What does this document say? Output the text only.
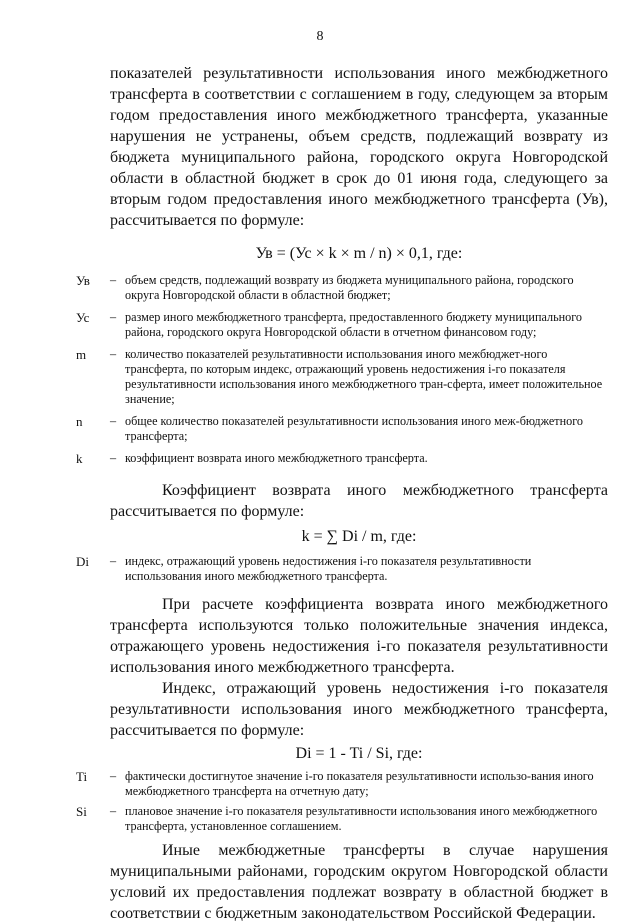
8

показателей результативности использования иного межбюджетного трансферта в соответствии с соглашением в году, следующем за вторым годом предоставления иного межбюджетного трансферта, указанные нарушения не устранены, объем средств, подлежащий возврату из бюджета муниципального района, городского округа Новгородской области в областной бюджет в срок до 01 июня года, следующего за вторым годом предоставления иного межбюджетного трансферта (Ув), рассчитывается по формуле:

Ув = (Ус × k × m / n) × 0,1, где:

Ув	– объем средств, подлежащий возврату из бюджета муниципального района, городского округа Новгородской области в областной бюджет;
Ус	– размер иного межбюджетного трансферта, предоставленного бюджету муниципального района, городского округа Новгородской области в отчетном финансовом году;
m	– количество показателей результативности использования иного межбюджет-ного трансферта, по которым индекс, отражающий уровень недостижения i-го показателя результативности использования иного межбюджетного тран-сферта, имеет положительное значение;
n	– общее количество показателей результативности использования иного меж-бюджетного трансферта;
k	– коэффициент возврата иного межбюджетного трансферта.

Коэффициент возврата иного межбюджетного трансферта рассчитывается по формуле:

k = ∑ Di / m, где:

Di	– индекс, отражающий уровень недостижения i-го показателя результативности использования иного межбюджетного трансферта.

При расчете коэффициента возврата иного межбюджетного трансферта используются только положительные значения индекса, отражающего уровень недостижения i-го показателя результативности использования иного межбюджетного трансферта.

Индекс, отражающий уровень недостижения i-го показателя результативности использования иного межбюджетного трансферта, рассчитывается по формуле:

Di = 1 - Ti / Si, где:

Ti	– фактически достигнутое значение i-го показателя результативности использо-вания иного межбюджетного трансферта на отчетную дату;
Si	– плановое значение i-го показателя результативности использования иного межбюджетного трансферта, установленное соглашением.

Иные межбюджетные трансферты в случае нарушения муниципальными районами, городским округом Новгородской области условий их предоставления подлежат возврату в областной бюджет в соответствии с бюджетным законодательством Российской Федерации.
